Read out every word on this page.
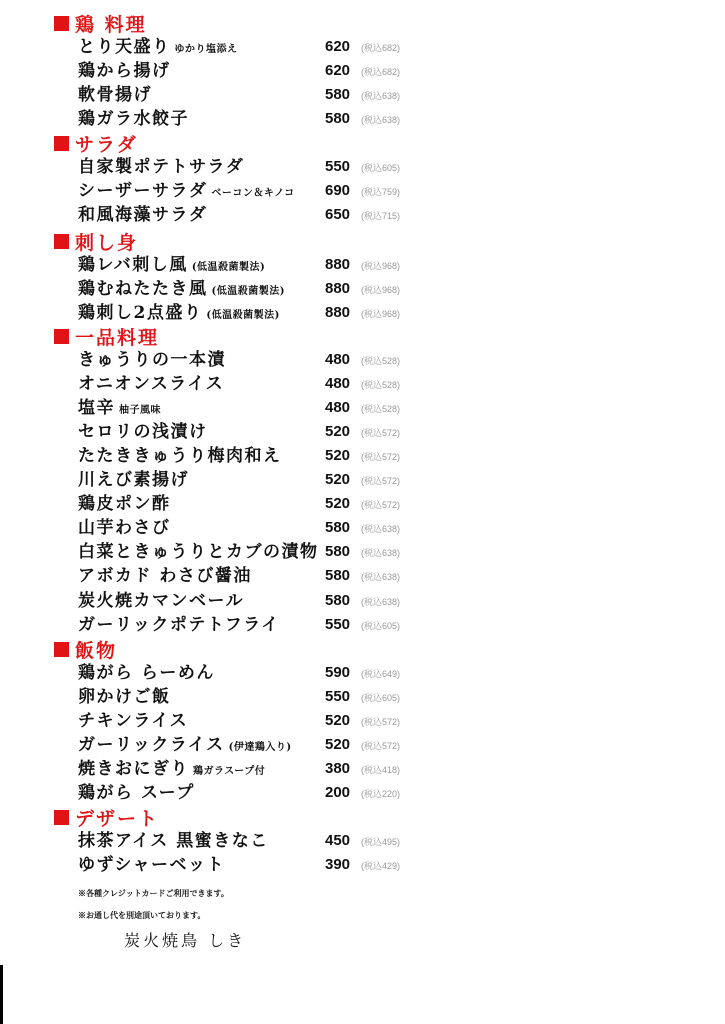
鶏 料理
とり天盛り ゆかり塩添え	620 (税込682)
鶏から揚げ	620 (税込682)
軟骨揚げ	580 (税込638)
鶏ガラ水餃子	580 (税込638)
サラダ
自家製ポテトサラダ	550 (税込605)
シーザーサラダ ベーコン＆キノコ 690 (税込759)
和風海藻サラダ	650 (税込715)
刺し身
鶏レバ刺し風 (低温殺菌製法)	880 (税込968)
鶏むねたたき風 (低温殺菌製法)	880 (税込968)
鶏刺し2点盛り (低温殺菌製法)	880 (税込968)
一品料理
きゅうりの一本漬	480 (税込528)
オニオンスライス	480 (税込528)
塩辛 柚子風味	480 (税込528)
セロリの浅漬け	520 (税込572)
たたききゅうり梅肉和え	520 (税込572)
川えび素揚げ	520 (税込572)
鶏皮ポン酢	520 (税込572)
山芋わさび	580 (税込638)
白菜ときゅうりとカブの漬物 580 (税込638)
アボカド わさび醤油	580 (税込638)
炭火焼カマンベール	580 (税込638)
ガーリックポテトフライ	550 (税込605)
飯物
鶏がら らーめん	590 (税込649)
卵かけご飯	550 (税込605)
チキンライス	520 (税込572)
ガーリックライス (伊達鶏入り) 520 (税込572)
焼きおにぎり 鶏ガラスープ付	380 (税込418)
鶏がら スープ	200 (税込220)
デザート
抹茶アイス 黒蜜きなこ	450 (税込495)
ゆずシャーベット	390 (税込429)
※各種クレジットカードご利用できます。
※お通し代を別途頂いております。
炭火焼鳥 しき
